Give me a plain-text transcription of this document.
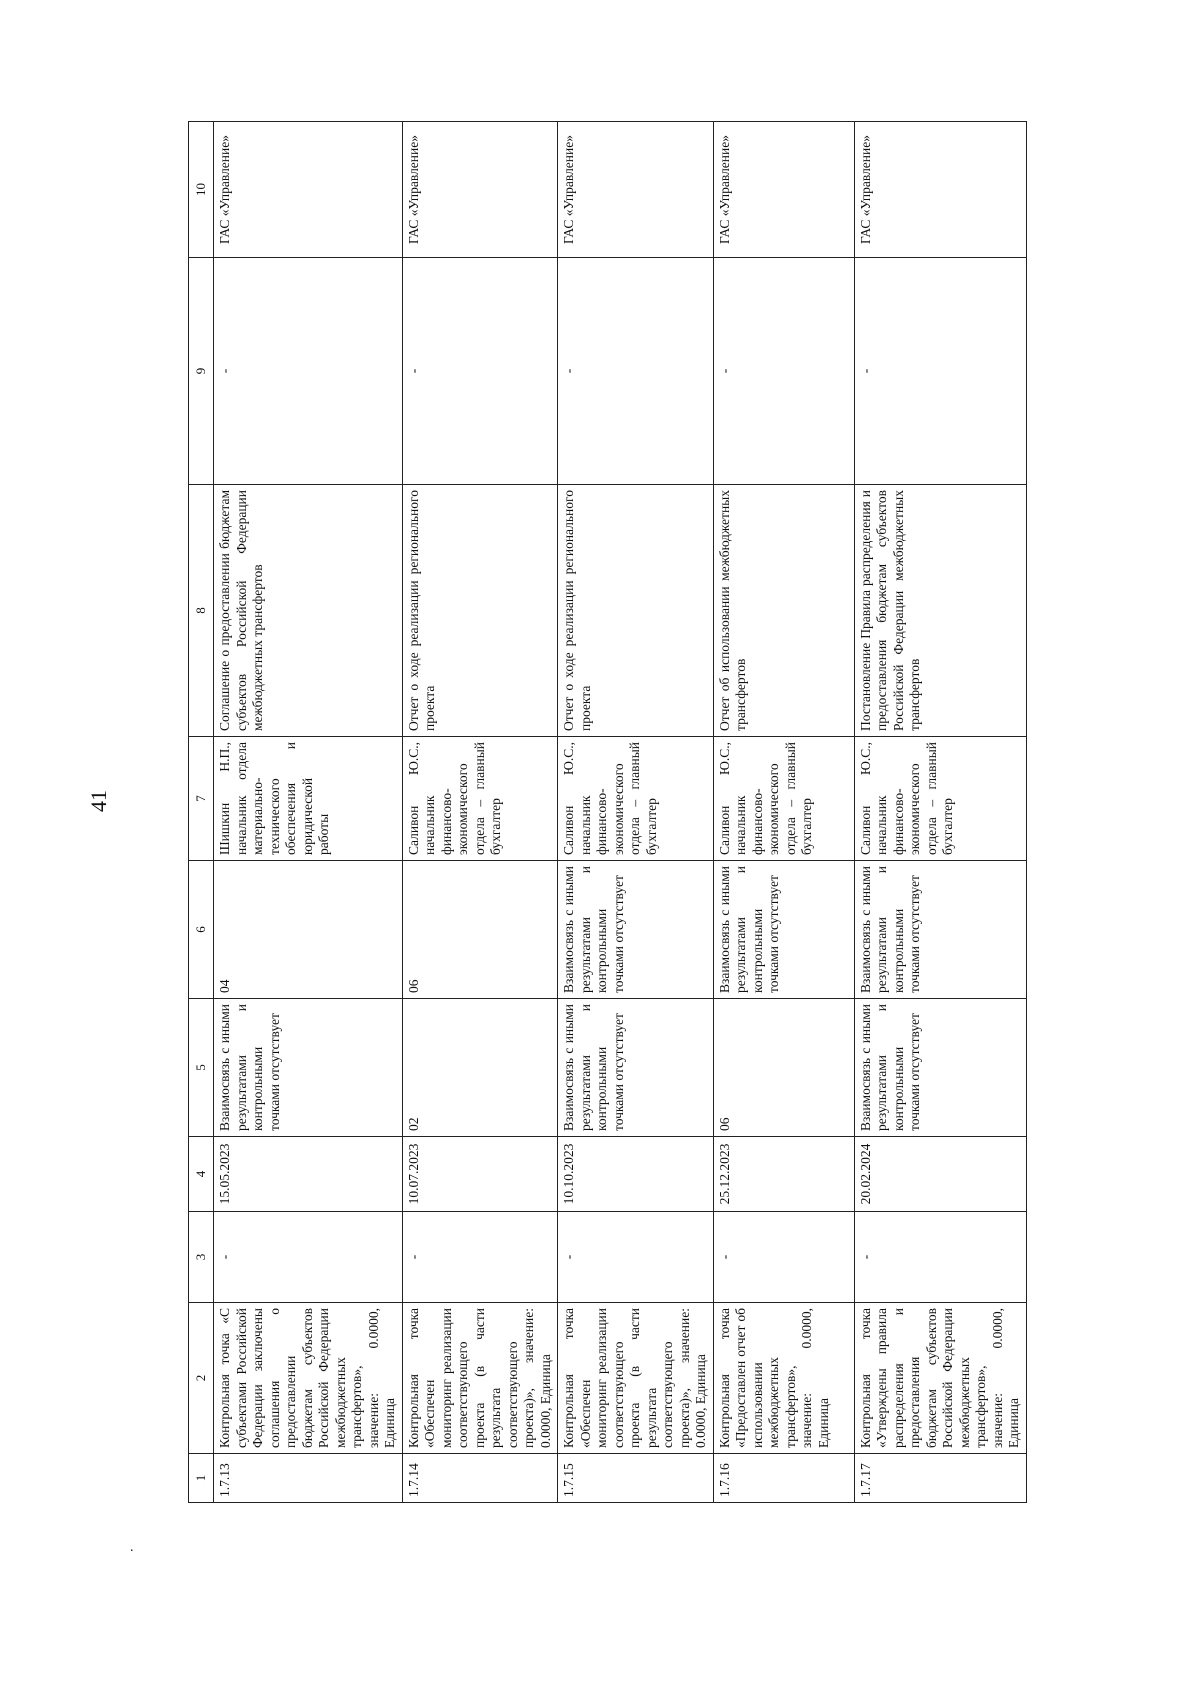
41
.
1	2	3	4	5	6	7	8	9	10
1.7.13	Контрольная точка «С субъектами Российской Федерации заключены соглашения о предоставлении бюджетам субъектов Российской Федерации межбюджетных трансфертов», значение: 0.0000, Единица	-	15.05.2023	Взаимосвязь с иными результатами и контрольными точками отсутствует	04	Шишкин Н.П., начальник отдела материально-технического обеспечения и юридической работы	Соглашение о предоставлении бюджетам субъектов Российской Федерации межбюджетных трансфертов	-	ГАС «Управление»
1.7.14	Контрольная точка «Обеспечен мониторинг реализации соответствующего проекта (в части результата соответствующего проекта)», значение: 0.0000, Единица	-	10.07.2023	02	06	Саливон Ю.С., начальник финансово-экономического отдела – главный бухгалтер	Отчет о ходе реализации регионального проекта	-	ГАС «Управление»
1.7.15	Контрольная точка «Обеспечен мониторинг реализации соответствующего проекта (в части результата соответствующего проекта)», значение: 0.0000, Единица	-	10.10.2023	Взаимосвязь с иными результатами и контрольными точками отсутствует	Взаимосвязь с иными результатами и контрольными точками отсутствует	Саливон Ю.С., начальник финансово-экономического отдела – главный бухгалтер	Отчет о ходе реализации регионального проекта	-	ГАС «Управление»
1.7.16	Контрольная точка «Предоставлен отчет об использовании межбюджетных трансфертов», значение: 0.0000, Единица	-	25.12.2023	06	Взаимосвязь с иными результатами и контрольными точками отсутствует	Саливон Ю.С., начальник финансово-экономического отдела – главный бухгалтер	Отчет об использовании межбюджетных трансфертов	-	ГАС «Управление»
1.7.17	Контрольная точка «Утверждены правила распределения и предоставления бюджетам субъектов Российской Федерации межбюджетных трансфертов», значение: 0.0000, Единица	-	20.02.2024	Взаимосвязь с иными результатами и контрольными точками отсутствует	Взаимосвязь с иными результатами и контрольными точками отсутствует	Саливон Ю.С., начальник финансово-экономического отдела – главный бухгалтер	Постановление Правила распределения и предоставления бюджетам субъектов Российской Федерации межбюджетных трансфертов	-	ГАС «Управление»
